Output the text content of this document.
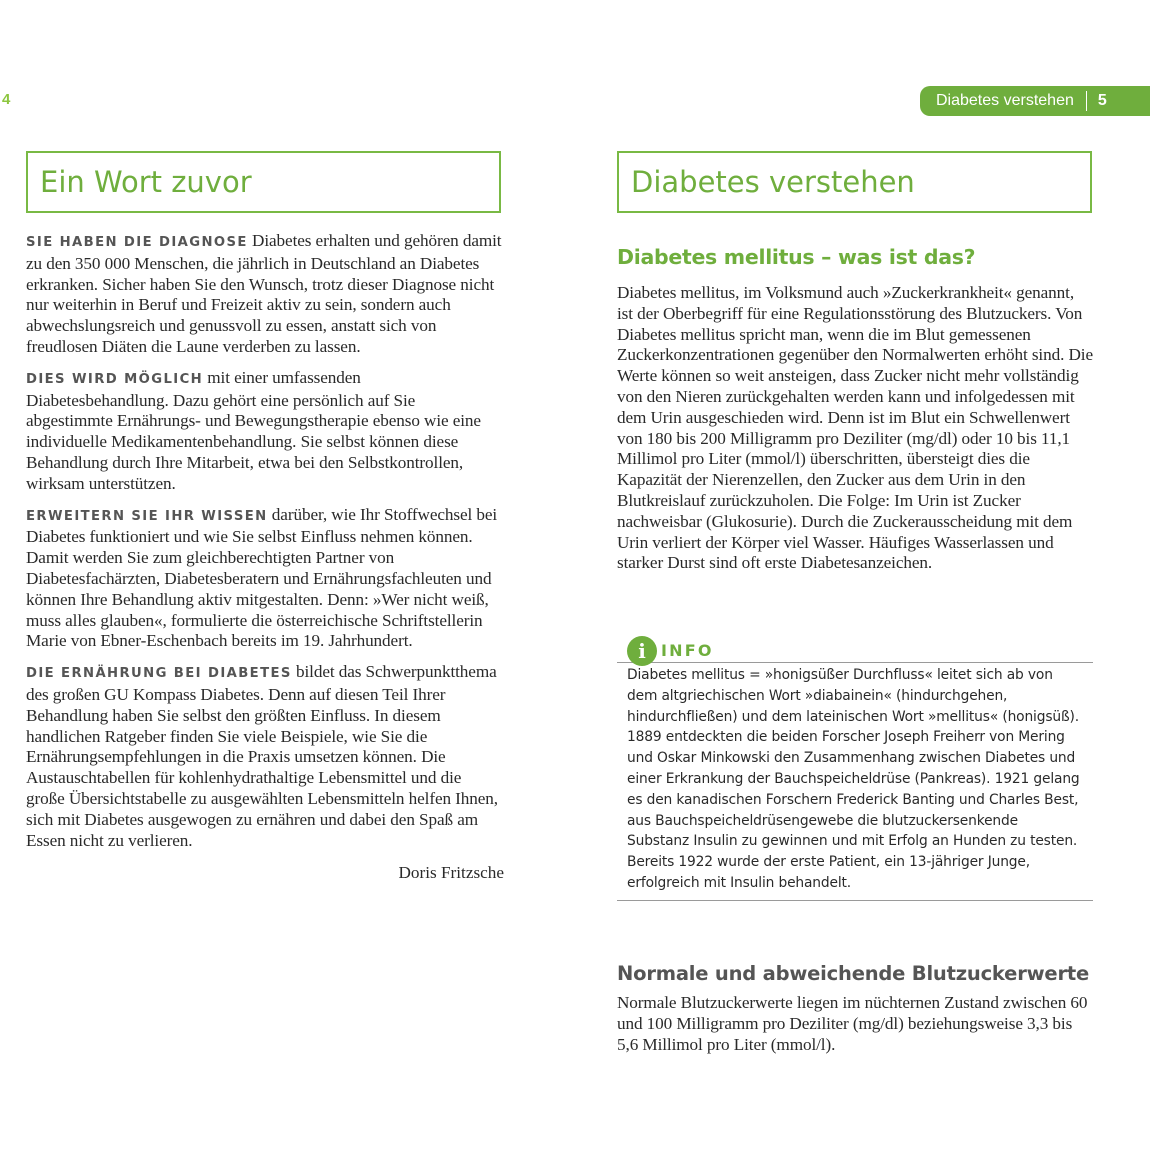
4	Diabetes verstehen 5
Ein Wort zuvor	Diabetes verstehen

SIE HABEN DIE DIAGNOSE Diabetes erhalten und gehören damit zu den 350 000 Menschen, die jährlich in Deutschland an Diabetes erkranken. Sicher haben Sie den Wunsch, trotz dieser Diagnose nicht nur weiterhin in Beruf und Freizeit aktiv zu sein, sondern auch abwechslungsreich und genussvoll zu essen, anstatt sich von freudlosen Diäten die Laune verderben zu lassen.

DIES WIRD MÖGLICH mit einer umfassenden Diabetesbehandlung. Dazu gehört eine persönlich auf Sie abgestimmte Ernährungs- und Bewegungstherapie ebenso wie eine individuelle Medikamentenbehandlung. Sie selbst können diese Behandlung durch Ihre Mitarbeit, etwa bei den Selbstkontrollen, wirksam unterstützen.

ERWEITERN SIE IHR WISSEN darüber, wie Ihr Stoffwechsel bei Diabetes funktioniert und wie Sie selbst Einfluss nehmen können. Damit werden Sie zum gleichberechtigten Partner von Diabetesfachärzten, Diabetesberatern und Ernährungsfachleuten und können Ihre Behandlung aktiv mitgestalten. Denn: »Wer nicht weiß, muss alles glauben«, formulierte die österreichische Schriftstellerin Marie von Ebner-Eschenbach bereits im 19. Jahrhundert.

DIE ERNÄHRUNG BEI DIABETES bildet das Schwerpunktthema des großen GU Kompass Diabetes. Denn auf diesen Teil Ihrer Behandlung haben Sie selbst den größten Einfluss. In diesem handlichen Ratgeber finden Sie viele Beispiele, wie Sie die Ernährungsempfehlungen in die Praxis umsetzen können. Die Austauschtabellen für kohlenhydrathaltige Lebensmittel und die große Übersichtstabelle zu ausgewählten Lebensmitteln helfen Ihnen, sich mit Diabetes ausgewogen zu ernähren und dabei den Spaß am Essen nicht zu verlieren.

Doris Fritzsche
Diabetes mellitus – was ist das?

Diabetes mellitus, im Volksmund auch »Zuckerkrankheit« genannt, ist der Oberbegriff für eine Regulationsstörung des Blutzuckers. Von Diabetes mellitus spricht man, wenn die im Blut gemessenen Zuckerkonzentrationen gegenüber den Normalwerten erhöht sind. Die Werte können so weit ansteigen, dass Zucker nicht mehr vollständig von den Nieren zurückgehalten werden kann und infolgedessen mit dem Urin ausgeschieden wird. Denn ist im Blut ein Schwellenwert von 180 bis 200 Milligramm pro Deziliter (mg/dl) oder 10 bis 11,1 Millimol pro Liter (mmol/l) überschritten, übersteigt dies die Kapazität der Nierenzellen, den Zucker aus dem Urin in den Blutkreislauf zurückzuholen. Die Folge: Im Urin ist Zucker nachweisbar (Glukosurie). Durch die Zuckerausscheidung mit dem Urin verliert der Körper viel Wasser. Häufiges Wasserlassen und starker Durst sind oft erste Diabetesanzeichen.

i INFO

Diabetes mellitus = »honigsüßer Durchfluss« leitet sich ab von dem altgriechischen Wort »diabainein« (hindurchgehen, hindurchfließen) und dem lateinischen Wort »mellitus« (honigsüß). 1889 entdeckten die beiden Forscher Joseph Freiherr von Mering und Oskar Minkowski den Zusammenhang zwischen Diabetes und einer Erkrankung der Bauchspeicheldrüse (Pankreas). 1921 gelang es den kanadischen Forschern Frederick Banting und Charles Best, aus Bauchspeicheldrüsengewebe die blutzuckersenkende Substanz Insulin zu gewinnen und mit Erfolg an Hunden zu testen. Bereits 1922 wurde der erste Patient, ein 13-jähriger Junge, erfolgreich mit Insulin behandelt.

Normale und abweichende Blutzuckerwerte

Normale Blutzuckerwerte liegen im nüchternen Zustand zwischen 60 und 100 Milligramm pro Deziliter (mg/dl) beziehungsweise 3,3 bis 5,6 Millimol pro Liter (mmol/l).
